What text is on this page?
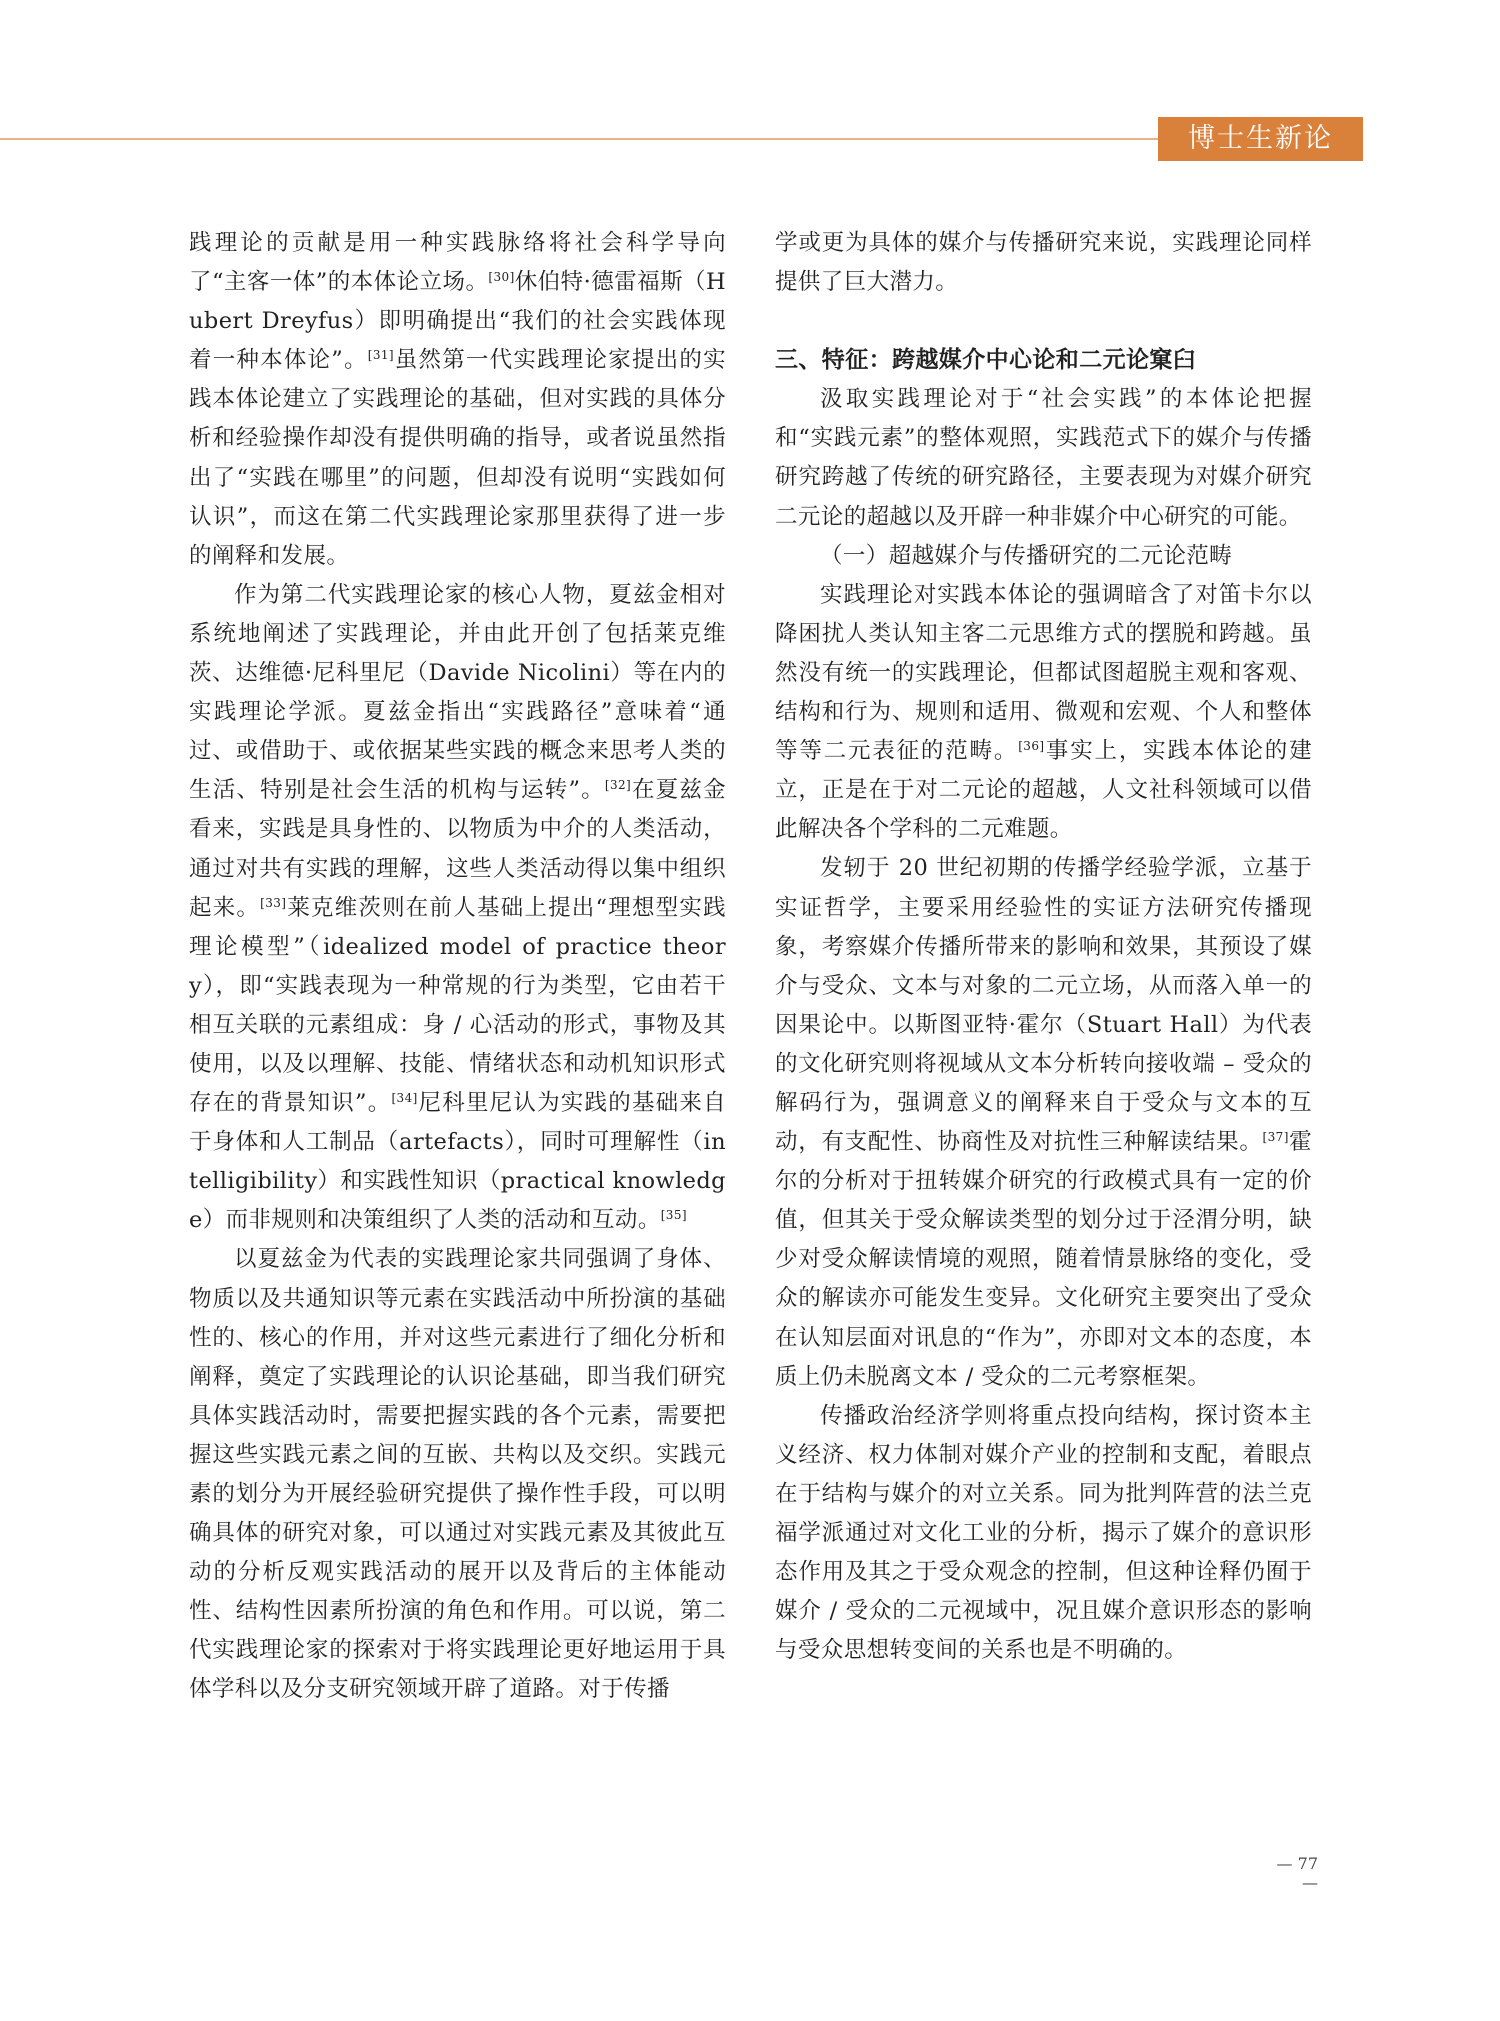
博士生新论

践理论的贡献是用一种实践脉络将社会科学导向了“主客一体”的本体论立场。[30]休伯特·德雷福斯（Hubert Dreyfus）即明确提出“我们的社会实践体现着一种本体论”。[31]虽然第一代实践理论家提出的实践本体论建立了实践理论的基础，但对实践的具体分析和经验操作却没有提供明确的指导，或者说虽然指出了“实践在哪里”的问题，但却没有说明“实践如何认识”，而这在第二代实践理论家那里获得了进一步的阐释和发展。

作为第二代实践理论家的核心人物，夏兹金相对系统地阐述了实践理论，并由此开创了包括莱克维茨、达维德·尼科里尼（Davide Nicolini）等在内的实践理论学派。夏兹金指出“实践路径”意味着“通过、或借助于、或依据某些实践的概念来思考人类的生活、特别是社会生活的机构与运转”。[32]在夏兹金看来，实践是具身性的、以物质为中介的人类活动，通过对共有实践的理解，这些人类活动得以集中组织起来。[33]莱克维茨则在前人基础上提出“理想型实践理论模型”（idealized model of practice theory），即“实践表现为一种常规的行为类型，它由若干相互关联的元素组成：身 / 心活动的形式，事物及其使用，以及以理解、技能、情绪状态和动机知识形式存在的背景知识”。[34]尼科里尼认为实践的基础来自于身体和人工制品（artefacts），同时可理解性（intelligibility）和实践性知识（practical knowledge）而非规则和决策组织了人类的活动和互动。[35]

以夏兹金为代表的实践理论家共同强调了身体、物质以及共通知识等元素在实践活动中所扮演的基础性的、核心的作用，并对这些元素进行了细化分析和阐释，奠定了实践理论的认识论基础，即当我们研究具体实践活动时，需要把握实践的各个元素，需要把握这些实践元素之间的互嵌、共构以及交织。实践元素的划分为开展经验研究提供了操作性手段，可以明确具体的研究对象，可以通过对实践元素及其彼此互动的分析反观实践活动的展开以及背后的主体能动性、结构性因素所扮演的角色和作用。可以说，第二代实践理论家的探索对于将实践理论更好地运用于具体学科以及分支研究领域开辟了道路。对于传播

学或更为具体的媒介与传播研究来说，实践理论同样提供了巨大潜力。

三、特征：跨越媒介中心论和二元论窠臼

汲取实践理论对于“社会实践”的本体论把握和“实践元素”的整体观照，实践范式下的媒介与传播研究跨越了传统的研究路径，主要表现为对媒介研究二元论的超越以及开辟一种非媒介中心研究的可能。

（一）超越媒介与传播研究的二元论范畴

实践理论对实践本体论的强调暗含了对笛卡尔以降困扰人类认知主客二元思维方式的摆脱和跨越。虽然没有统一的实践理论，但都试图超脱主观和客观、结构和行为、规则和适用、微观和宏观、个人和整体等等二元表征的范畴。[36]事实上，实践本体论的建立，正是在于对二元论的超越，人文社科领域可以借此解决各个学科的二元难题。

发轫于 20 世纪初期的传播学经验学派，立基于实证哲学，主要采用经验性的实证方法研究传播现象，考察媒介传播所带来的影响和效果，其预设了媒介与受众、文本与对象的二元立场，从而落入单一的因果论中。以斯图亚特·霍尔（Stuart Hall）为代表的文化研究则将视域从文本分析转向接收端 – 受众的解码行为，强调意义的阐释来自于受众与文本的互动，有支配性、协商性及对抗性三种解读结果。[37]霍尔的分析对于扭转媒介研究的行政模式具有一定的价值，但其关于受众解读类型的划分过于泾渭分明，缺少对受众解读情境的观照，随着情景脉络的变化，受众的解读亦可能发生变异。文化研究主要突出了受众在认知层面对讯息的“作为”，亦即对文本的态度，本质上仍未脱离文本 / 受众的二元考察框架。

传播政治经济学则将重点投向结构，探讨资本主义经济、权力体制对媒介产业的控制和支配，着眼点在于结构与媒介的对立关系。同为批判阵营的法兰克福学派通过对文化工业的分析，揭示了媒介的意识形态作用及其之于受众观念的控制，但这种诠释仍囿于媒介 / 受众的二元视域中，况且媒介意识形态的影响与受众思想转变间的关系也是不明确的。

— 77 —
